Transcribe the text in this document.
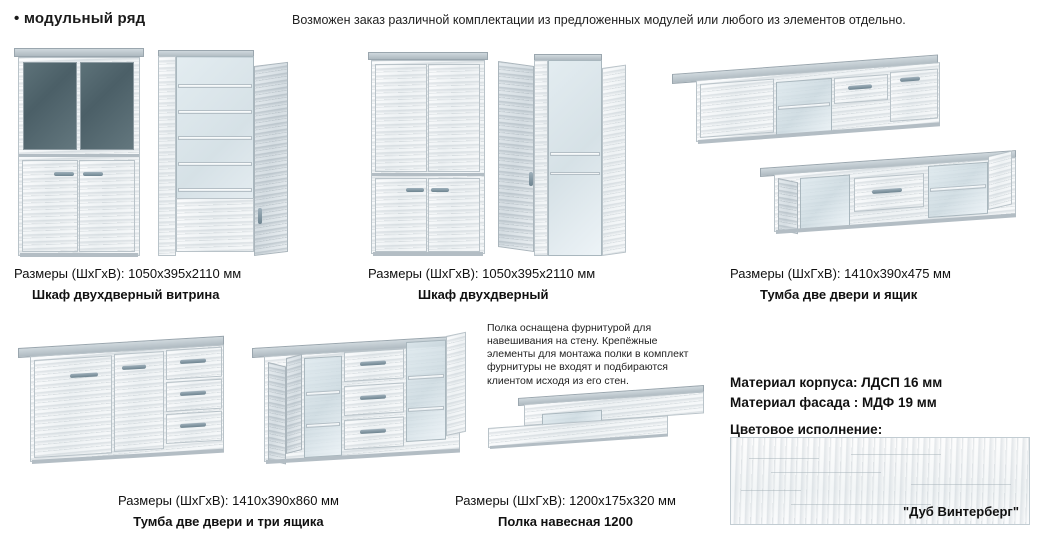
• модульный ряд	Возможен заказ различной комплектации из предложенных модулей или любого из элементов отдельно.
Размеры (ШхГхВ): 1050х395х2110 мм
Шкаф двухдверный витрина
Размеры (ШхГхВ): 1050х395х2110 мм
Шкаф двухдверный
Размеры (ШхГхВ): 1410х390х475 мм
Тумба две двери и ящик
Размеры (ШхГхВ): 1410х390х860 мм
Тумба две двери и три ящика
Полка оснащена фурнитурой для навешивания на стену. Крепёжные элементы для монтажа полки в комплект фурнитуры не входят и подбираются клиентом исходя из его стен.
Размеры (ШхГхВ): 1200х175х320 мм
Полка навесная 1200
Материал корпуса: ЛДСП 16 мм
Материал фасада : МДФ 19 мм
Цветовое исполнение:
"Дуб Винтерберг"
